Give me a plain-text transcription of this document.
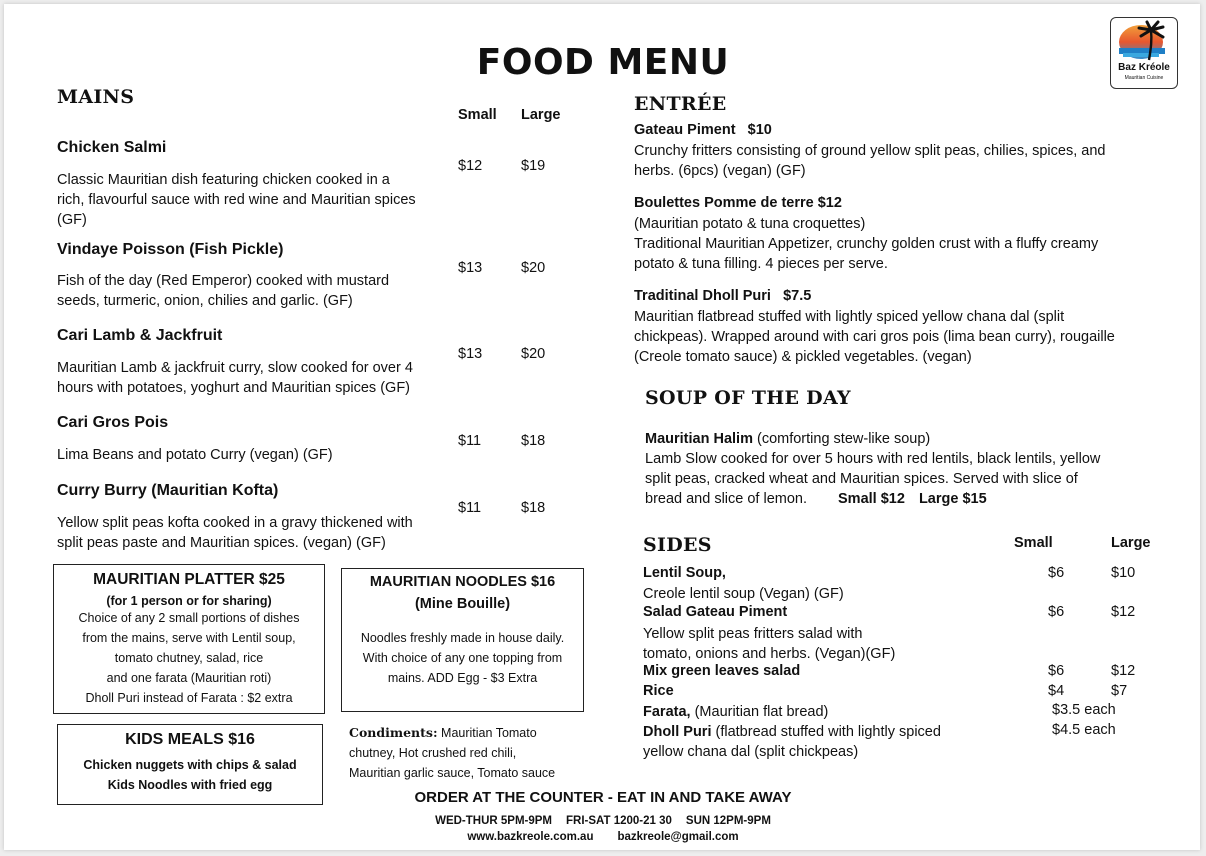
Baz Kréole
Mauritian Cuisine
FOOD MENU
MAINS
Small Large
Chicken Salmi
$12	$19

Classic Mauritian dish featuring chicken cooked in a

rich, flavourful sauce with red wine and Mauritian spices

(GF)

Vindaye Poisson (Fish Pickle)
$13	$20

Fish of the day (Red Emperor) cooked with mustard

seeds, turmeric, onion, chilies and garlic. (GF)

Cari Lamb & Jackfruit
$13	$20

Mauritian Lamb & jackfruit curry, slow cooked for over 4

hours with potatoes, yoghurt and Mauritian spices (GF)

Cari Gros Pois
$11	$18

Lima Beans and potato Curry (vegan) (GF)

Curry Burry (Mauritian Kofta)
$11	$18

Yellow split peas kofta cooked in a gravy thickened with

split peas paste and Mauritian spices. (vegan) (GF)

MAURITIAN PLATTER $25
(for 1 person or for sharing)
Choice of any 2 small portions of dishes
from the mains, serve with Lentil soup,
tomato chutney, salad, rice
and one farata (Mauritian roti)
Dholl Puri instead of Farata : $2 extra
KIDS MEALS $16
Chicken nuggets with chips & salad
Kids Noodles with fried egg
MAURITIAN NOODLES $16
(Mine Bouille)
Noodles freshly made in house daily.
With choice of any one topping from
mains. ADD Egg - $3 Extra
Condiments: Mauritian Tomato
chutney, Hot crushed red chili,
Mauritian garlic sauce, Tomato sauce
ENTRÉE
Gateau Piment $10

Crunchy fritters consisting of ground yellow split peas, chilies, spices, and

herbs. (6pcs) (vegan) (GF)

Boulettes Pomme de terre $12

(Mauritian potato & tuna croquettes)

Traditional Mauritian Appetizer, crunchy golden crust with a fluffy creamy

potato & tuna filling. 4 pieces per serve.

Traditinal Dholl Puri $7.5

Mauritian flatbread stuffed with lightly spiced yellow chana dal (split

chickpeas). Wrapped around with cari gros pois (lima bean curry), rougaille

(Creole tomato sauce) & pickled vegetables. (vegan)

SOUP OF THE DAY

Mauritian Halim (comforting stew-like soup)

Lamb Slow cooked for over 5 hours with red lentils, black lentils, yellow

split peas, cracked wheat and Mauritian spices. Served with slice of

bread and slice of lemon. Small $12 Large $15

SIDES	Small	Large
Lentil Soup,	$6	$10
Creole lentil soup (Vegan) (GF)
Salad Gateau Piment	$6	$12

Yellow split peas fritters salad with

tomato, onions and herbs. (Vegan)(GF)

Mix green leaves salad	$6	$12
Rice	$4	$7
Farata, (Mauritian flat bread)	$3.5 each

Dholl Puri (flatbread stuffed with lightly spiced

yellow chana dal (split chickpeas)

$4.5 each
ORDER AT THE COUNTER - EAT IN AND TAKE AWAY
WED-THUR 5PM-9PM FRI-SAT 1200-21 30 SUN 12PM-9PM
www.bazkreole.com.au bazkreole@gmail.com
